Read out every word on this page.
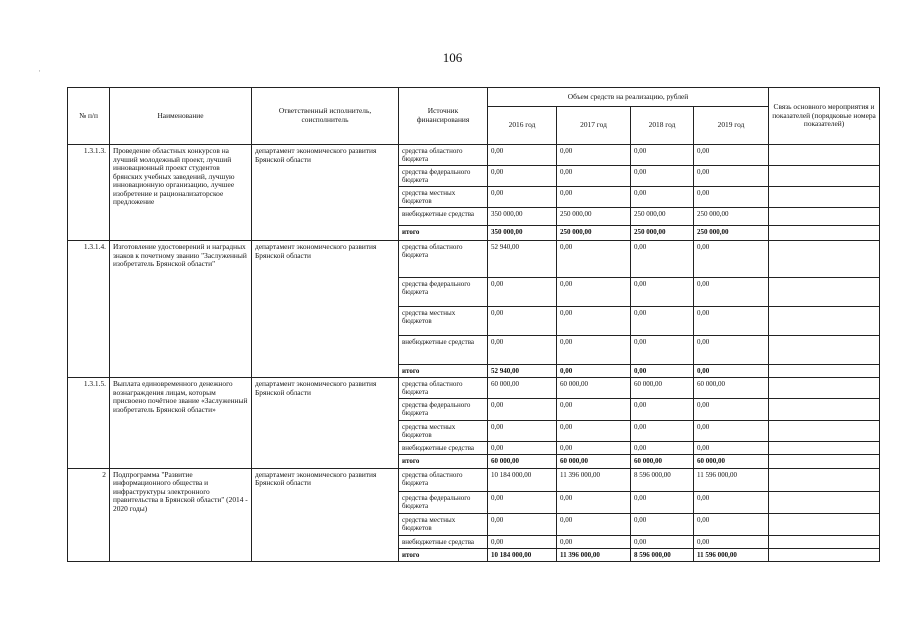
106
№ п/п	Наименование	Ответственный исполнитель, соисполнитель	Источник финансирования	Объем средств на реализацию, рублей				Связь основного мероприятия и показателей (порядковые номера показателей)
				2016 год	2017 год	2018 год	2019 год	
1.3.1.3.	Проведение областных конкурсов на лучший молодежный проект, лучший инновационный проект студентов брянских учебных заведений, лучшую инновационную организацию, лучшее изобретение и рационализаторское предложение	департамент экономического развития Брянской области	средства областного бюджета	0,00	0,00	0,00	0,00	
			средства федерального бюджета	0,00	0,00	0,00	0,00	
			средства местных бюджетов	0,00	0,00	0,00	0,00	
			внебюджетные средства	350 000,00	250 000,00	250 000,00	250 000,00	
			итого	350 000,00	250 000,00	250 000,00	250 000,00	
1.3.1.4.	Изготовление удостоверений и наградных знаков к почетному званию "Заслуженный изобретатель Брянской области"	департамент экономического развития Брянской области	средства областного бюджета	52 940,00	0,00	0,00	0,00	
			средства федерального бюджета	0,00	0,00	0,00	0,00	
			средства местных бюджетов	0,00	0,00	0,00	0,00	
			внебюджетные средства	0,00	0,00	0,00	0,00	
			итого	52 940,00	0,00	0,00	0,00	
1.3.1.5.	Выплата единовременного денежного вознаграждения лицам, которым присвоено почётное звание «Заслуженный изобретатель Брянской области»	департамент экономического развития Брянской области	средства областного бюджета	60 000,00	60 000,00	60 000,00	60 000,00	
			средства федерального бюджета	0,00	0,00	0,00	0,00	
			средства местных бюджетов	0,00	0,00	0,00	0,00	
			внебюджетные средства	0,00	0,00	0,00	0,00	
			итого	60 000,00	60 000,00	60 000,00	60 000,00	
2	Подпрограмма "Развитие информационного общества и инфраструктуры электронного правительства в Брянской области" (2014 - 2020 годы)	департамент экономического развития Брянской области	средства областного бюджета	10 184 000,00	11 396 000,00	8 596 000,00	11 596 000,00	
			средства федерального бюджета	0,00	0,00	0,00	0,00	
			средства местных бюджетов	0,00	0,00	0,00	0,00	
			внебюджетные средства	0,00	0,00	0,00	0,00	
			итого	10 184 000,00	11 396 000,00	8 596 000,00	11 596 000,00	
·
